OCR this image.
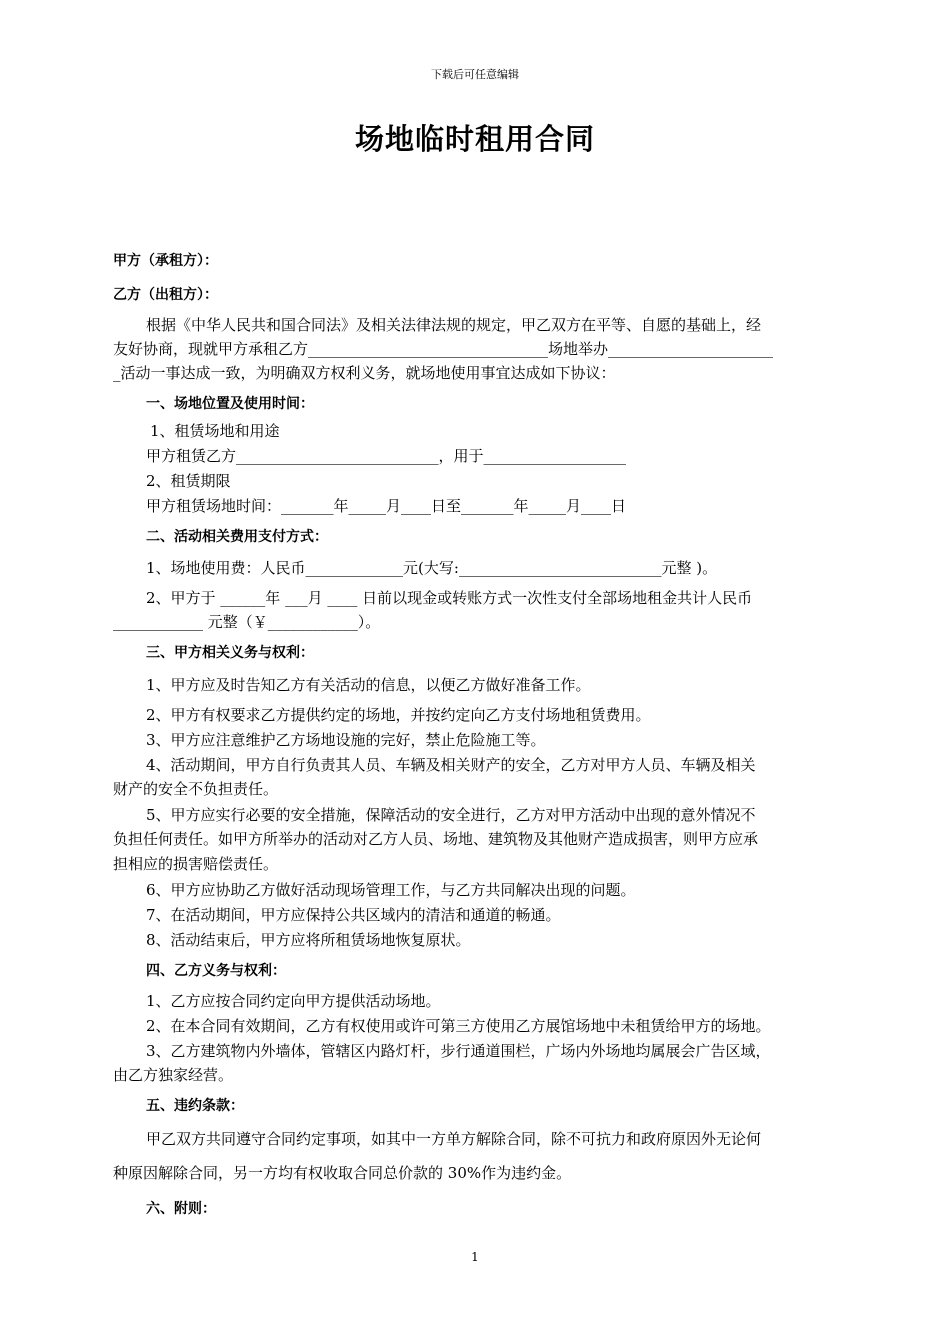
下载后可任意编辑
场地临时租用合同
甲方（承租方）：
乙方（出租方）：
根据《中华人民共和国合同法》及相关法律法规的规定，甲乙双方在平等、自愿的基础上，经
友好协商，现就甲方承租乙方________________________________场地举办______________________
_活动一事达成一致，为明确双方权利义务，就场地使用事宜达成如下协议：
一、场地位置及使用时间：
1、租赁场地和用途
甲方租赁乙方___________________________，用于___________________
2、租赁期限
甲方租赁场地时间：_______年_____月____日至_______年_____月____日
二、活动相关费用支付方式：
1、场地使用费：人民币_____________元(大写:___________________________元整 )。
2、甲方于 ______年 ___月 ____ 日前以现金或转账方式一次性支付全部场地租金共计人民币
____________ 元整（￥____________）。
三、甲方相关义务与权利：
1、甲方应及时告知乙方有关活动的信息，以便乙方做好准备工作。
2、甲方有权要求乙方提供约定的场地，并按约定向乙方支付场地租赁费用。
3、甲方应注意维护乙方场地设施的完好，禁止危险施工等。
4、活动期间，甲方自行负责其人员、车辆及相关财产的安全，乙方对甲方人员、车辆及相关
财产的安全不负担责任。
5、甲方应实行必要的安全措施，保障活动的安全进行，乙方对甲方活动中出现的意外情况不
负担任何责任。如甲方所举办的活动对乙方人员、场地、建筑物及其他财产造成损害，则甲方应承
担相应的损害赔偿责任。
6、甲方应协助乙方做好活动现场管理工作，与乙方共同解决出现的问题。
7、在活动期间，甲方应保持公共区域内的清洁和通道的畅通。
8、活动结束后，甲方应将所租赁场地恢复原状。
四、乙方义务与权利：
1、乙方应按合同约定向甲方提供活动场地。
2、在本合同有效期间，乙方有权使用或许可第三方使用乙方展馆场地中未租赁给甲方的场地。
3、乙方建筑物内外墙体，管辖区内路灯杆，步行通道围栏，广场内外场地均属展会广告区域，
由乙方独家经营。
五、违约条款：
甲乙双方共同遵守合同约定事项，如其中一方单方解除合同，除不可抗力和政府原因外无论何
种原因解除合同，另一方均有权收取合同总价款的 30%作为违约金。
六、附则：
1
